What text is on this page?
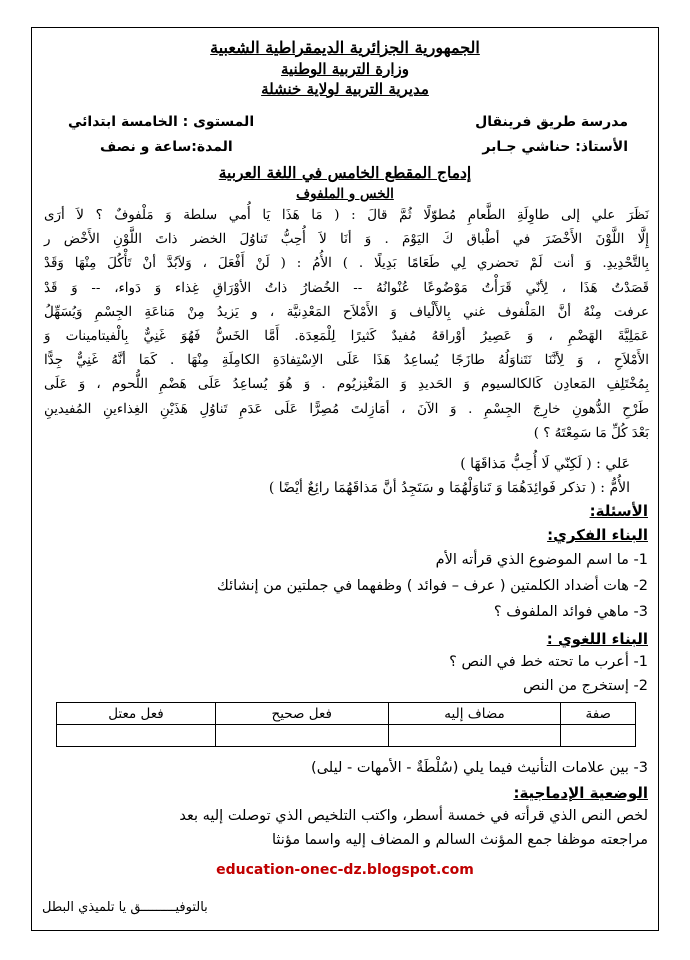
الجمهورية الجزائرية الديمقراطية الشعبية
وزارة التربية الوطنية
مديرية التربية لولاية خنشلة
مدرسة طريق فرينقال
المستوى : الخامسة ابتدائي
الأستاذ: حناشي جـابر
المدة:ساعة و نصف
إدماج المقطع الخامس في اللغة العربية
الخس و الملفوف

نَظَرَ علي إلى طاوِلَةِ الطَّعامِ مُطوّلًا ثُمَّ قالَ : ( مَا هَذَا يَا أُمي سلطة وَ مَلْفوفٌ ؟ لاَ أرَى

إِلَّا اللَّوْنَ الأَخْضَرَ في أطْباق كَ اليَوْمَ . وَ أنَا لاَ أُحِبُّ تَناوُلَ الخضر ذاتَ اللَّوْنِ الأَخْض ر

بِالتَّحْدِيدِ. وَ أنت لَمْ تحضري لِي طَعَامًا بَدِيلًا . ) الأُمُ : ( لَنْ أَفْعَلَ ، وَلاَبُدَّ أنْ تَأْكُلَ مِنْهَا وَقَدْ

قَصَدْتُ هَذَا ، لِأنّي قَرَأْتُ مَوْضُوعًا عُنْوانُهُ -- الخُضارُ ذاتُ الأوْرَاقِ غِذاء وَ دَواء، -- وَ قَدْ

عرفت مِنْهُ أنَّ المَلْفوف غني بِالأَلْياف وَ الأَمْلاَح المَعْدِنيَّة ، و يَزيدُ مِنْ مَناعَةِ الجِسْمِ وَيُسَهِّلُ

عَمَلِيَّةَ الهَضْمِ ، وَ عَصِيرُ أوْراقهُ مُفيدٌ كَثيرًا لِلْمَعِدَة. أَمَّا الخَسُّ فَهُوَ غَنِيٌّ بِالْفيتامينات وَ

الأَمْلاَحِ ، وَ لِأنَّنَا نَتَناوَلُهُ طازَجًا يُساعِدُ هَذَا عَلَى الاِسْتِفادَةِ الكامِلَةِ مِنْهَا . كَمَا أنَّهُ غَنِيٌّ جِدًّا

بِمُخْتَلِفِ المَعادِن كَالكالسيوم وَ الحَديدِ وَ المَغْنِزيُوم . وَ هُوَ يُساعِدُ عَلَى هَضْمِ اللُّحوم ، وَ عَلَى

طَرْحِ الدُّهونِ خارِجَ الجِسْمِ . وَ الآنَ ، أمَازِلتَ مُصِرًّا عَلَى عَدَمِ تَناوُلِ هَذَيْنِ الغِذاءينِ المُفيدينِ

بَعْدَ كُلِّ مَا سَمِعْتَهُ ؟ )

عَلي : ( لَكِنّي لَا أُحِبُّ مَذاقَهَا )
الأُمُّ : ( تذكر فَوائِدَهُمَا وَ تَناوَلْهُمَا و سَتَجِدُ أنَّ مَذاقَهُمَا رائِعٌ أيْضًا )
الأسئلة:
البناء الفكري:
1- ما اسم الموضوع الذي قرأته الأم
2- هات أضداد الكلمتين ( عرف – فوائد ) وظفهما في جملتين من إنشائك
3- ماهي فوائد الملفوف ؟
البناء اللغوي :
1- أعرب ما تحته خط في النص ؟
2- إستخرج من النص
صفة	مضاف إليه	فعل صحيح	فعل معتل

3- بين علامات التأنيث فيما يلي (سُلْطَةٌ - الأمهات - ليلى)
الوضعية الإدماجية:
لخص النص الذي قرأته في خمسة أسطر، واكتب التلخيص الذي توصلت إليه بعد
مراجعته موظفا جمع المؤنث السالم و المضاف إليه واسما مؤنثا
education-onec-dz.blogspot.com
بالتوفيـــــــــق يا تلميذي البطل
